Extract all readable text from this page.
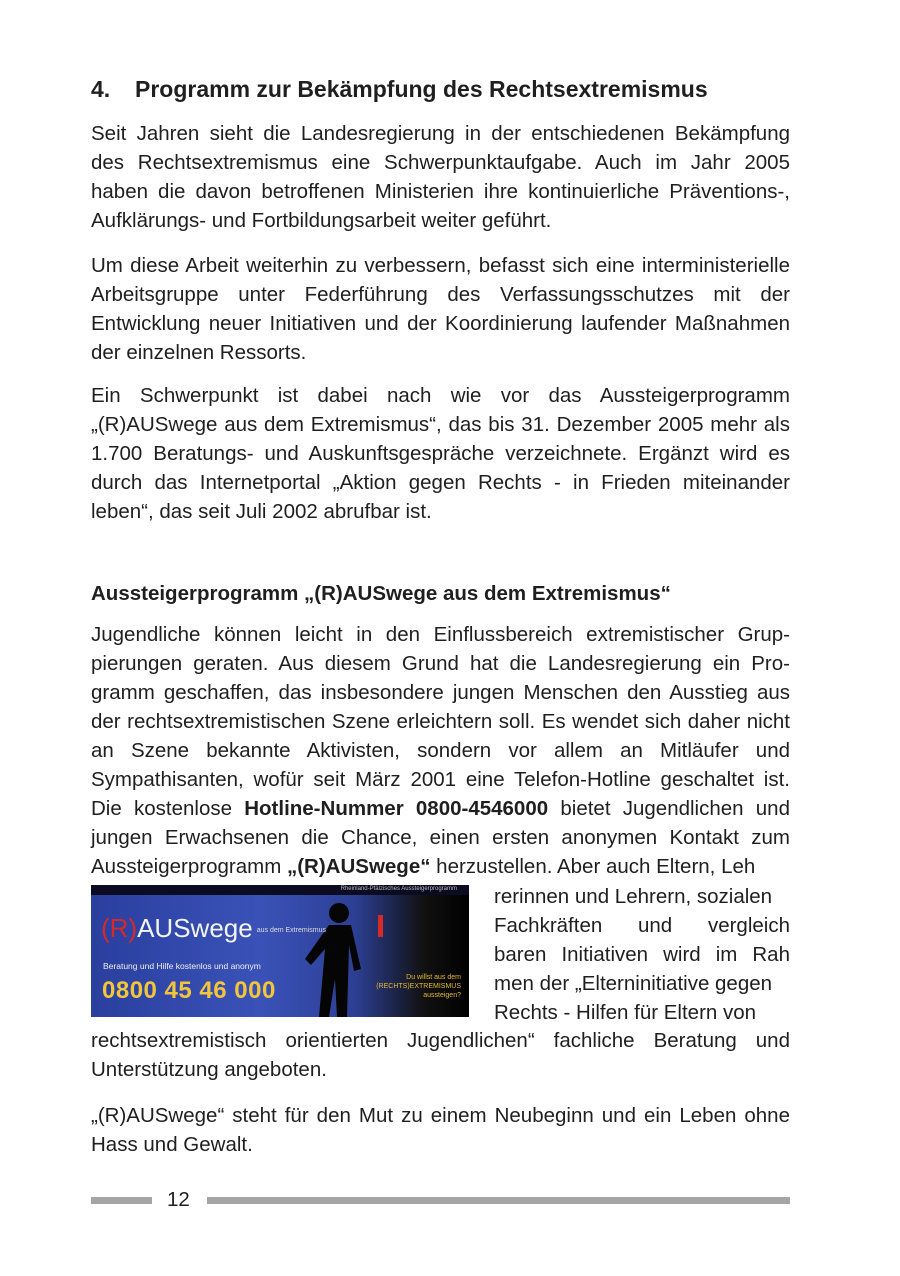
4. Programm zur Bekämpfung des Rechtsextremismus

Seit Jahren sieht die Landesregierung in der entschiedenen Bekämpfung des Rechtsextremismus eine Schwerpunktaufgabe. Auch im Jahr 2005 haben die davon betroffenen Ministerien ihre kontinuierliche Präventions-, Aufklärungs- und Fortbildungsarbeit weiter geführt.

Um diese Arbeit weiterhin zu verbessern, befasst sich eine interministerielle Arbeitsgruppe unter Federführung des Verfassungsschutzes mit der Entwicklung neuer Initiativen und der Koordinierung laufender Maßnahmen der einzelnen Ressorts.

Ein Schwerpunkt ist dabei nach wie vor das Aussteigerprogramm „(R)AUSwege aus dem Extremismus“, das bis 31. Dezember 2005 mehr als 1.700 Beratungs- und Auskunftsgespräche verzeichnete. Ergänzt wird es durch das Internetportal „Aktion gegen Rechts - in Frieden miteinander leben“, das seit Juli 2002 abrufbar ist.

Aussteigerprogramm „(R)AUSwege aus dem Extremismus“

Jugendliche können leicht in den Einflussbereich extremistischer Gruppierungen geraten. Aus diesem Grund hat die Landesregierung ein Programm geschaffen, das insbesondere jungen Menschen den Ausstieg aus der rechtsextremistischen Szene erleichtern soll. Es wendet sich daher nicht an Szene bekannte Aktivisten, sondern vor allem an Mitläufer und Sympathisanten, wofür seit März 2001 eine Telefon-Hotline geschaltet ist. Die kostenlose Hotline-Nummer 0800-4546000 bietet Jugendlichen und jungen Erwachsenen die Chance, einen ersten anonymen Kontakt zum Aussteigerprogramm „(R)AUSwege“ herzustellen. Aber auch Eltern, Leh

Rheinland-Pfälzisches Aussteigerprogramm
(R)AUSwege aus dem Extremismus
Beratung und Hilfe kostenlos und anonym
0800 45 46 000	Du willst aus dem (RECHTS)EXTREMISMUS aussteigen?

rerinnen und Lehrern, sozialen

Fachkräften und vergleich

baren Initiativen wird im Rah

men der „Elterninitiative gegen

Rechts - Hilfen für Eltern von

rechtsextremistisch orientierten Jugendlichen“ fachliche Beratung und Unterstützung angeboten.

„(R)AUSwege“ steht für den Mut zu einem Neubeginn und ein Leben ohne Hass und Gewalt.

12
